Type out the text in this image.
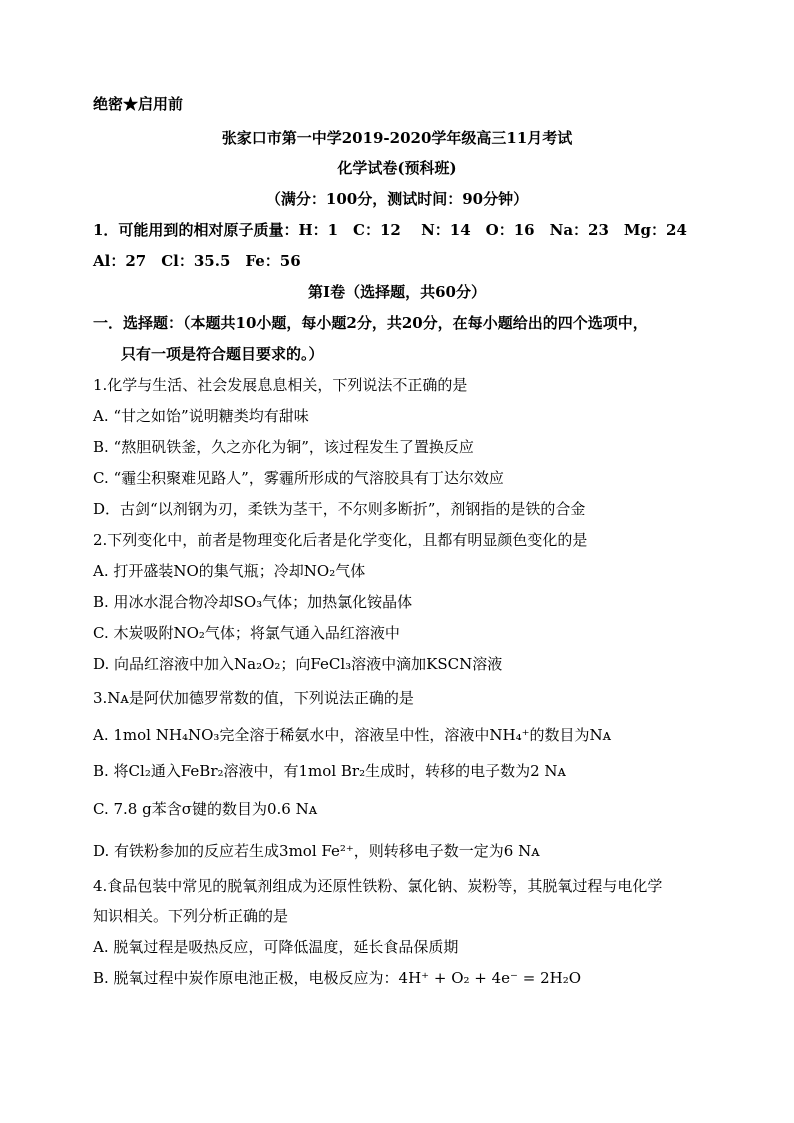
绝密★启用前
张家口市第一中学2019-2020学年级高三11月考试
化学试卷(预科班)
（满分：100分，测试时间：90分钟）
1．可能用到的相对原子质量：H：1　C：12　 N：14　O：16　Na：23　Mg：24
Al：27　Cl：35.5　Fe：56
第Ⅰ卷（选择题，共60分）
一．选择题：（本题共10小题，每小题2分，共20分，在每小题给出的四个选项中，
只有一项是符合题目要求的。）
1.化学与生活、社会发展息息相关，下列说法不正确的是
A. “甘之如饴”说明糖类均有甜味
B. “熬胆矾铁釜，久之亦化为铜”，该过程发生了置换反应
C. “霾尘积聚难见路人”，雾霾所形成的气溶胶具有丁达尔效应
D．古剑“以剂钢为刃，柔铁为茎干，不尔则多断折”，剂钢指的是铁的合金
2.下列变化中，前者是物理变化后者是化学变化，且都有明显颜色变化的是
A. 打开盛装NO的集气瓶；冷却NO₂气体
B. 用冰水混合物冷却SO₃气体；加热氯化铵晶体
C. 木炭吸附NO₂气体；将氯气通入品红溶液中
D. 向品红溶液中加入Na₂O₂；向FeCl₃溶液中滴加KSCN溶液
3.Nᴀ是阿伏加德罗常数的值，下列说法正确的是
A. 1mol NH₄NO₃完全溶于稀氨水中，溶液呈中性，溶液中NH₄⁺的数目为Nᴀ
B. 将Cl₂通入FeBr₂溶液中，有1mol Br₂生成时，转移的电子数为2 Nᴀ
C. 7.8 g苯含σ键的数目为0.6 Nᴀ
D. 有铁粉参加的反应若生成3mol Fe²⁺，则转移电子数一定为6 Nᴀ
4.食品包装中常见的脱氧剂组成为还原性铁粉、氯化钠、炭粉等，其脱氧过程与电化学
知识相关。下列分析正确的是
A. 脱氧过程是吸热反应，可降低温度，延长食品保质期
B. 脱氧过程中炭作原电池正极，电极反应为：4H⁺ + O₂ + 4e⁻ = 2H₂O
